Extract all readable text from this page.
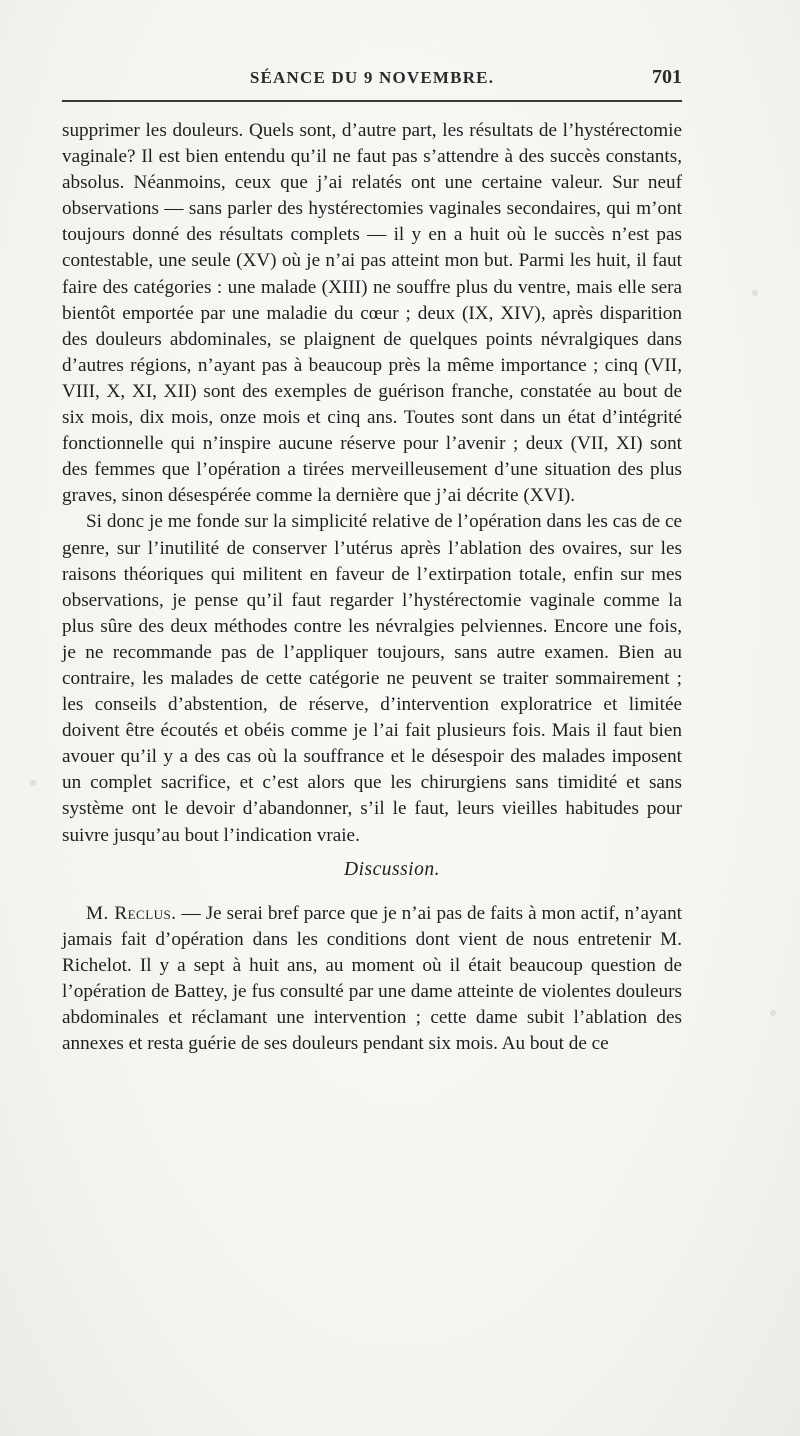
SÉANCE DU 9 NOVEMBRE.	701

supprimer les douleurs. Quels sont, d’autre part, les résultats de l’hystérectomie vaginale? Il est bien entendu qu’il ne faut pas s’attendre à des succès constants, absolus. Néanmoins, ceux que j’ai relatés ont une certaine valeur. Sur neuf observations — sans parler des hystérectomies vaginales secondaires, qui m’ont toujours donné des résultats complets — il y en a huit où le succès n’est pas contestable, une seule (XV) où je n’ai pas atteint mon but. Parmi les huit, il faut faire des catégories : une malade (XIII) ne souffre plus du ventre, mais elle sera bientôt emportée par une maladie du cœur ; deux (IX, XIV), après disparition des douleurs abdominales, se plaignent de quelques points névralgiques dans d’autres régions, n’ayant pas à beaucoup près la même importance ; cinq (VII, VIII, X, XI, XII) sont des exemples de guérison franche, constatée au bout de six mois, dix mois, onze mois et cinq ans. Toutes sont dans un état d’intégrité fonctionnelle qui n’inspire aucune réserve pour l’avenir ; deux (VII, XI) sont des femmes que l’opération a tirées merveilleusement d’une situation des plus graves, sinon désespérée comme la dernière que j’ai décrite (XVI).

Si donc je me fonde sur la simplicité relative de l’opération dans les cas de ce genre, sur l’inutilité de conserver l’utérus après l’ablation des ovaires, sur les raisons théoriques qui militent en faveur de l’extirpation totale, enfin sur mes observations, je pense qu’il faut regarder l’hystérectomie vaginale comme la plus sûre des deux méthodes contre les névralgies pelviennes. Encore une fois, je ne recommande pas de l’appliquer toujours, sans autre examen. Bien au contraire, les malades de cette catégorie ne peuvent se traiter sommairement ; les conseils d’abstention, de réserve, d’intervention exploratrice et limitée doivent être écoutés et obéis comme je l’ai fait plusieurs fois. Mais il faut bien avouer qu’il y a des cas où la souffrance et le désespoir des malades imposent un complet sacrifice, et c’est alors que les chirurgiens sans timidité et sans système ont le devoir d’abandonner, s’il le faut, leurs vieilles habitudes pour suivre jusqu’au bout l’indication vraie.

Discussion.

M. Reclus. — Je serai bref parce que je n’ai pas de faits à mon actif, n’ayant jamais fait d’opération dans les conditions dont vient de nous entretenir M. Richelot. Il y a sept à huit ans, au moment où il était beaucoup question de l’opération de Battey, je fus consulté par une dame atteinte de violentes douleurs abdominales et réclamant une intervention ; cette dame subit l’ablation des annexes et resta guérie de ses douleurs pendant six mois. Au bout de ce
